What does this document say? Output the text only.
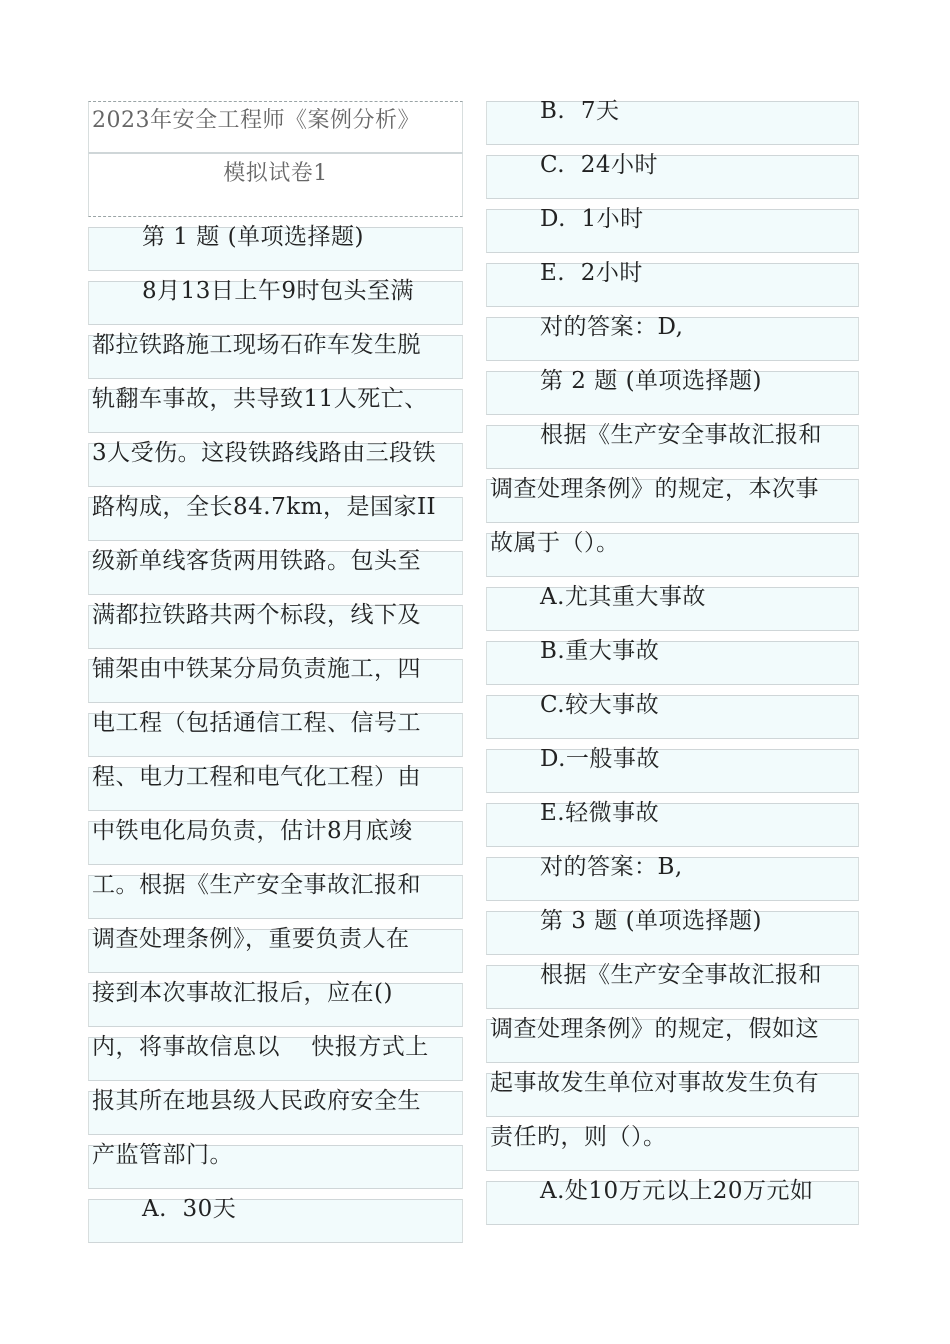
2023年安全工程师《案例分析》
模拟试卷1
第 1 题 (单项选择题)
8月13日上午9时包头至满
都拉铁路施工现场石砟车发生脱
轨翻车事故，共导致11人死亡、
3人受伤。这段铁路线路由三段铁
路构成，全长84.7km，是国家II
级新单线客货两用铁路。包头至
满都拉铁路共两个标段，线下及
铺架由中铁某分局负责施工，四
电工程（包括通信工程、信号工
程、电力工程和电气化工程）由
中铁电化局负责，估计8月底竣
工。根据《生产安全事故汇报和
调查处理条例》，重要负责人在
接到本次事故汇报后，应在()
内，将事故信息以    快报方式上
报其所在地县级人民政府安全生
产监管部门。
A.  30天
B.  7天
C.  24小时
D.  1小时
E.  2小时
对的答案：D,
第 2 题 (单项选择题)
根据《生产安全事故汇报和
调查处理条例》的规定，本次事
故属于（）。
A.尤其重大事故
B.重大事故
C.较大事故
D.一般事故
E.轻微事故
对的答案：B,
第 3 题 (单项选择题)
根据《生产安全事故汇报和
调查处理条例》的规定，假如这
起事故发生单位对事故发生负有
责任旳，则（）。
A.处10万元以上20万元如
